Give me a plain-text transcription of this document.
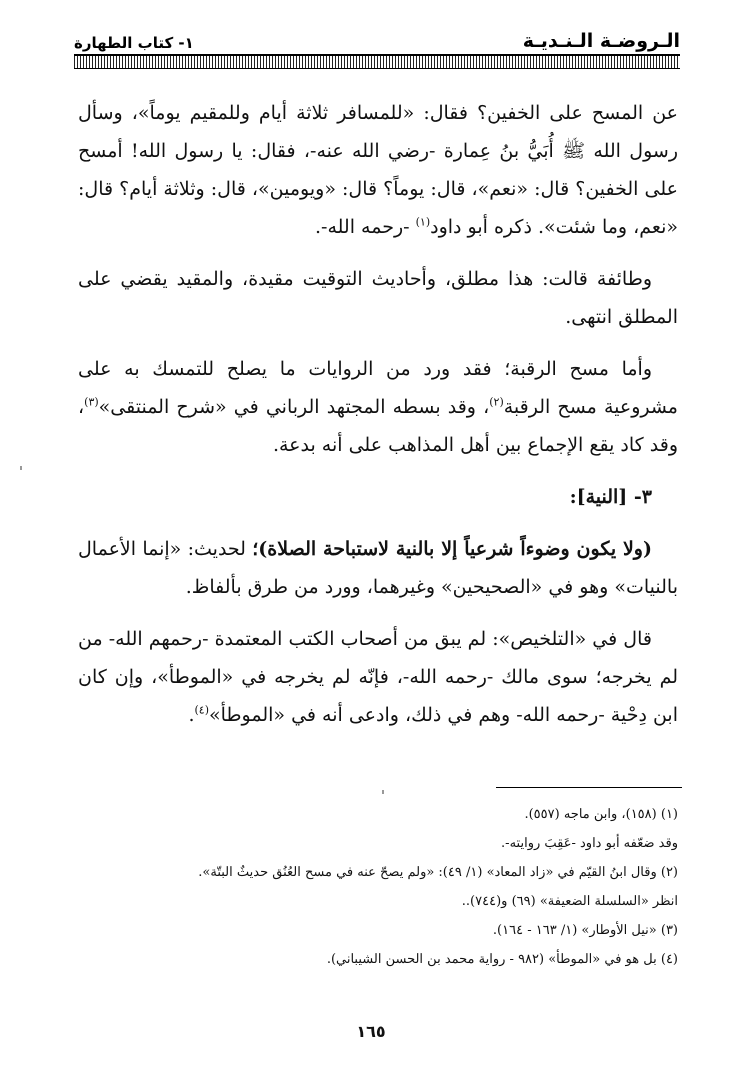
الـروضـة الـنـديـة
١- كتاب الطهارة

عن المسح على الخفين؟ فقال: «للمسافر ثلاثة أيام وللمقيم يوماً»، وسأل رسول الله ﷺ أُبَيُّ بنُ عِمارة -رضي الله عنه-، فقال: يا رسول الله! أمسح على الخفين؟ قال: «نعم»، قال: يوماً؟ قال: «ويومين»، قال: وثلاثة أيام؟ قال: «نعم، وما شئت». ذكره أبو داود$^{(١)}$ -رحمه الله-.

وطائفة قالت: هذا مطلق، وأحاديث التوقيت مقيدة، والمقيد يقضي على المطلق انتهى.

وأما مسح الرقبة؛ فقد ورد من الروايات ما يصلح للتمسك به على مشروعية مسح الرقبة$^{(٢)}$، وقد بسطه المجتهد الرباني في «شرح المنتقى»$^{(٣)}$، وقد كاد يقع الإجماع بين أهل المذاهب على أنه بدعة.

٣- [النية]:

(ولا يكون وضوءاً شرعياً إلا بالنية لاستباحة الصلاة)؛ لحديث: «إنما الأعمال بالنيات» وهو في «الصحيحين» وغيرهما، وورد من طرق بألفاظ.

قال في «التلخيص»: لم يبق من أصحاب الكتب المعتمدة -رحمهم الله- من لم يخرجه؛ سوى مالك -رحمه الله-، فإنّه لم يخرجه في «الموطأ»، وإن كان ابن دِحْية -رحمه الله- وهم في ذلك، وادعى أنه في «الموطأ»$^{(٤)}$.

(١) (١٥٨)، وابن ماجه (٥٥٧).
وقد ضعّفه أبو داود -عَقِبَ روايته-.
(٢) وقال ابنُ القيّم في «زاد المعاد» (١/ ٤٩): «ولم يصحّ عنه في مسح العُنُق حديثٌ البتّة».
انظر «السلسلة الضعيفة» (٦٩) و(٧٤٤)..
(٣) «نيل الأوطار» (١/ ١٦٣ - ١٦٤).
(٤) بل هو في «الموطأ» (٩٨٢ - رواية محمد بن الحسن الشيباني).
١٦٥
